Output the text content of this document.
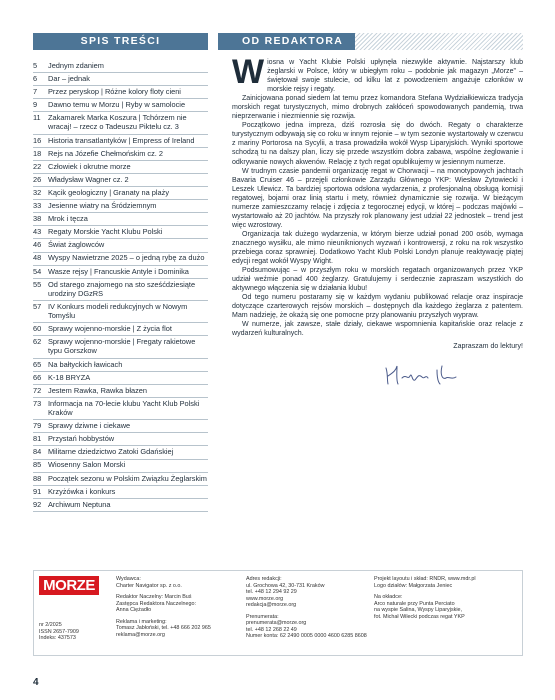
SPIS TREŚCI
5	Jednym zdaniem
6	Dar – jednak
7	Przez peryskop | Różne kolory floty cieni
9	Dawno temu w Morzu | Ryby w samolocie
11 Zakamarek Marka Koszura | Tchórzem nie wracaj! – rzecz o Tadeuszu Piktelu cz. 3
16 Historia transatlantyków | Empress of Ireland
18 Rejs na Józefie Chełmońskim cz. 2
22 Człowiek i okrutne morze
26 Władysław Wagner cz. 2
32 Kącik geologiczny | Granaty na plaży
33 Jesienne wiatry na Śródziemnym
38 Mrok i tęcza
43 Regaty Morskie Yacht Klubu Polski
46 Świat żaglowców
48 Wyspy Nawietrzne 2025 – o jedną rybę za dużo
54 Waszе rejsy | Francuskie Antyle i Dominika
55 Od starego znajomego na sto sześćdziesiąte urodziny DGzRS
57 IV Konkurs modeli redukcyjnych w Nowym Tomyślu
60 Sprawy wojenno-morskie | Z życia flot
62 Sprawy wojenno-morskie | Fregaty rakietowe typu Gorszkow
65 Na bałtyckich ławicach
66 K-18 BRYZA
72 Jestem Rawka, Rawka błazen
73 Informacja na 70-lecie klubu Yacht Klub Polski Kraków
79 Sprawy dziwne i ciekawe
81 Przystań hobbystów
84 Militarne dziedzictwo Zatoki Gdańskiej
85 Wiosenny Salon Morski
88 Początek sezonu w Polskim Związku Żeglarskim
91 Krzyżówka i konkurs
92 Archiwum Neptuna
OD REDAKTORA

Wiosna w Yacht Klubie Polski upłynęła niezwykle aktywnie. Najstarszy klub żeglarski w Polsce, który w ubiegłym roku – podobnie jak magazyn „Morze” – świętował swoje stulecie, od kilku lat z powodzeniem angażuje członków w morskie rejsy i regaty.

Zainicjowana ponad siedem lat temu przez komandora Stefana Wydziałkiewicza tradycja morskich regat turystycznych, mimo drobnych zakłóceń spowodowanych pandemią, trwa nieprzerwanie i niezmiennie się rozwija.

Początkowo jedna impreza, dziś rozrosła się do dwóch. Regaty o charakterze turystycznym odbywają się co roku w innym rejonie – w tym sezonie wystartowały w czerwcu z mariny Portorosa na Sycylii, a trasa prowadziła wokół Wysp Liparyjskich. Wyniki sportowe schodzą tu na dalszy plan, liczy się przede wszystkim dobra zabawa, wspólne żeglowanie i odkrywanie nowych akwenów. Relację z tych regat opublikujemy w jesiennym numerze.

W trudnym czasie pandemii organizację regat w Chorwacji – na monotypowych jachtach Bavaria Cruiser 46 – przejęli członkowie Zarządu Głównego YKP: Wiesław Żytowiecki i Leszek Ulewicz. Ta bardziej sportowa odsłona wydarzenia, z profesjonalną obsługą komisji regatowej, bojami oraz linią startu i mety, również dynamicznie się rozwija. W bieżącym numerze zamieszczamy relację i zdjęcia z tegorocznej edycji, w której – podczas majówki – wystartowało aż 20 jachtów. Na przyszły rok planowany jest udział 22 jednostek – trend jest więc wzrostowy.

Organizacja tak dużego wydarzenia, w którym bierze udział ponad 200 osób, wymaga znacznego wysiłku, ale mimo nieuniknionych wyzwań i kontrowersji, z roku na rok wszystko przebiega coraz sprawniej. Dodatkowo Yacht Klub Polski Londyn planuje reaktywację piątej edycji regat wokół Wyspy Wight.

Podsumowując – w przyszłym roku w morskich regatach organizowanych przez YKP udział weźmie ponad 400 żeglarzy. Gratulujemy i serdecznie zapraszam wszystkich do aktywnego włączenia się w działania klubu!

Od tego numeru postaramy się w każdym wydaniu publikować relacje oraz inspiracje dotyczące czarterowych rejsów morskich – dostępnych dla każdego żeglarza z patentem. Mam nadzieję, że okażą się one pomocne przy planowaniu przyszłych wypraw.

W numerze, jak zawsze, stałe działy, ciekawe wspomnienia kapitańskie oraz relacje z wydarzeń kulturalnych.

Zapraszam do lektury!
MORZE
nr 2/2025
ISSN 2657-7909
Indeks: 437573
Wydawca:
Charter Navigator sp. z o.o.
Redaktor Naczelny: Marcin Buś
Zastępca Redaktora Naczelnego:
Anna Ciężadło
Reklama i marketing:
Tomasz Jabłoński, tel. +48 666 202 965
reklama@morze.org
Adres redakcji:
ul. Grochowa 42, 30-731 Kraków
tel. +48 12 294 92 29
www.morze.org
redakcja@morze.org
Prenumerata:
prenumerata@morze.org
tel. +48 12 268 22 49
Numer konta: 62 2490 0005 0000 4600 6285 8608
Projekt layoutu i skład: RNDR, www.mdr.pl
Logo działów: Małgorzata Jeniec
Na okładce:
Arco naturale przy Punta Perciato
na wyspie Salina, Wyspy Liparyjskie,
fot. Michał Wilecki podczas regat YKP
4
